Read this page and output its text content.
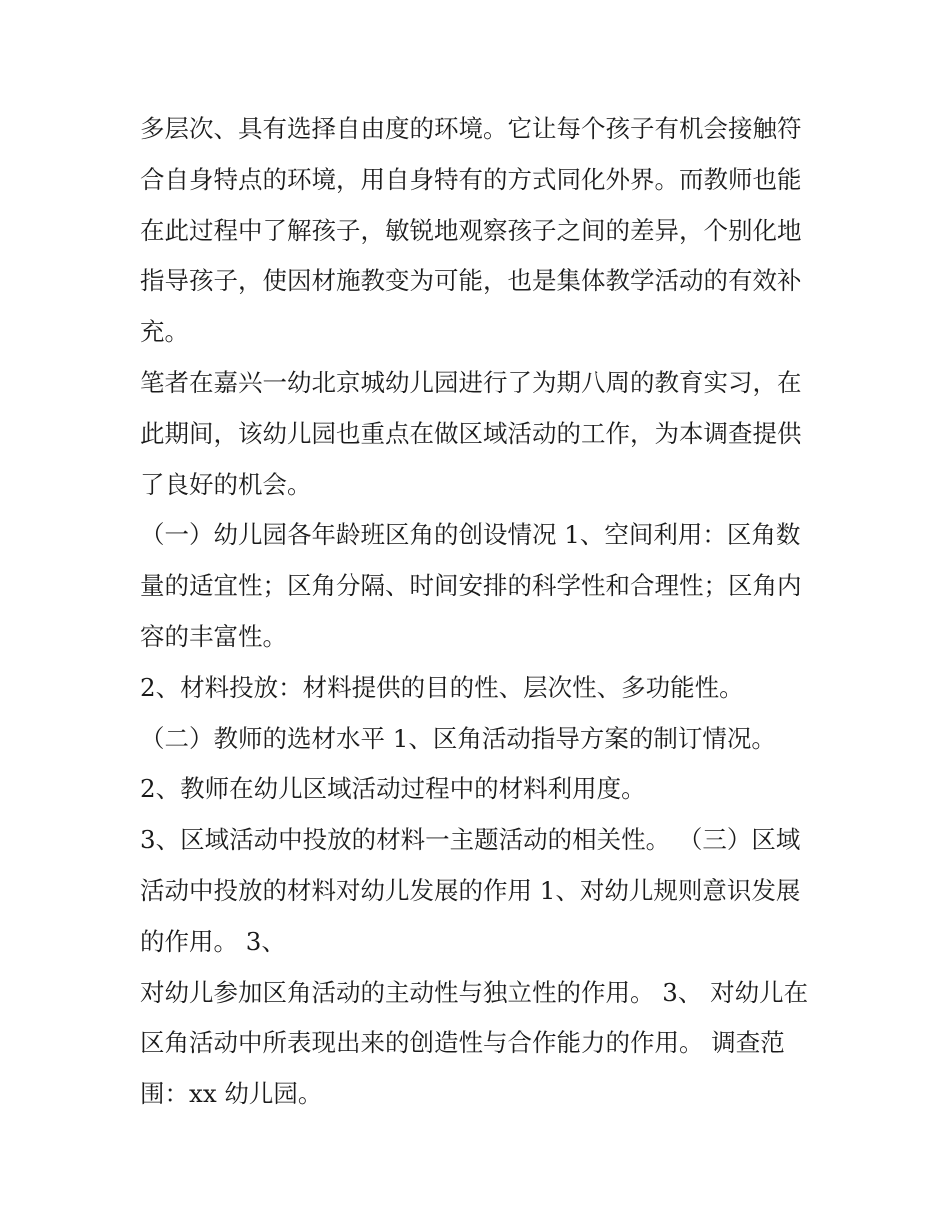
多层次、具有选择自由度的环境。它让每个孩子有机会接触符
合自身特点的环境，用自身特有的方式同化外界。而教师也能
在此过程中了解孩子，敏锐地观察孩子之间的差异，个别化地
指导孩子，使因材施教变为可能，也是集体教学活动的有效补
充。
笔者在嘉兴一幼北京城幼儿园进行了为期八周的教育实习，在
此期间，该幼儿园也重点在做区域活动的工作，为本调查提供
了良好的机会。
（一）幼儿园各年龄班区角的创设情况 1、空间利用：区角数
量的适宜性；区角分隔、时间安排的科学性和合理性；区角内
容的丰富性。
2、材料投放：材料提供的目的性、层次性、多功能性。
（二）教师的选材水平 1、区角活动指导方案的制订情况。
2、教师在幼儿区域活动过程中的材料利用度。
3、区域活动中投放的材料一主题活动的相关性。 （三）区域
活动中投放的材料对幼儿发展的作用 1、对幼儿规则意识发展
的作用。 3、
对幼儿参加区角活动的主动性与独立性的作用。 3、 对幼儿在
区角活动中所表现出来的创造性与合作能力的作用。 调查范
围：xx 幼儿园。
